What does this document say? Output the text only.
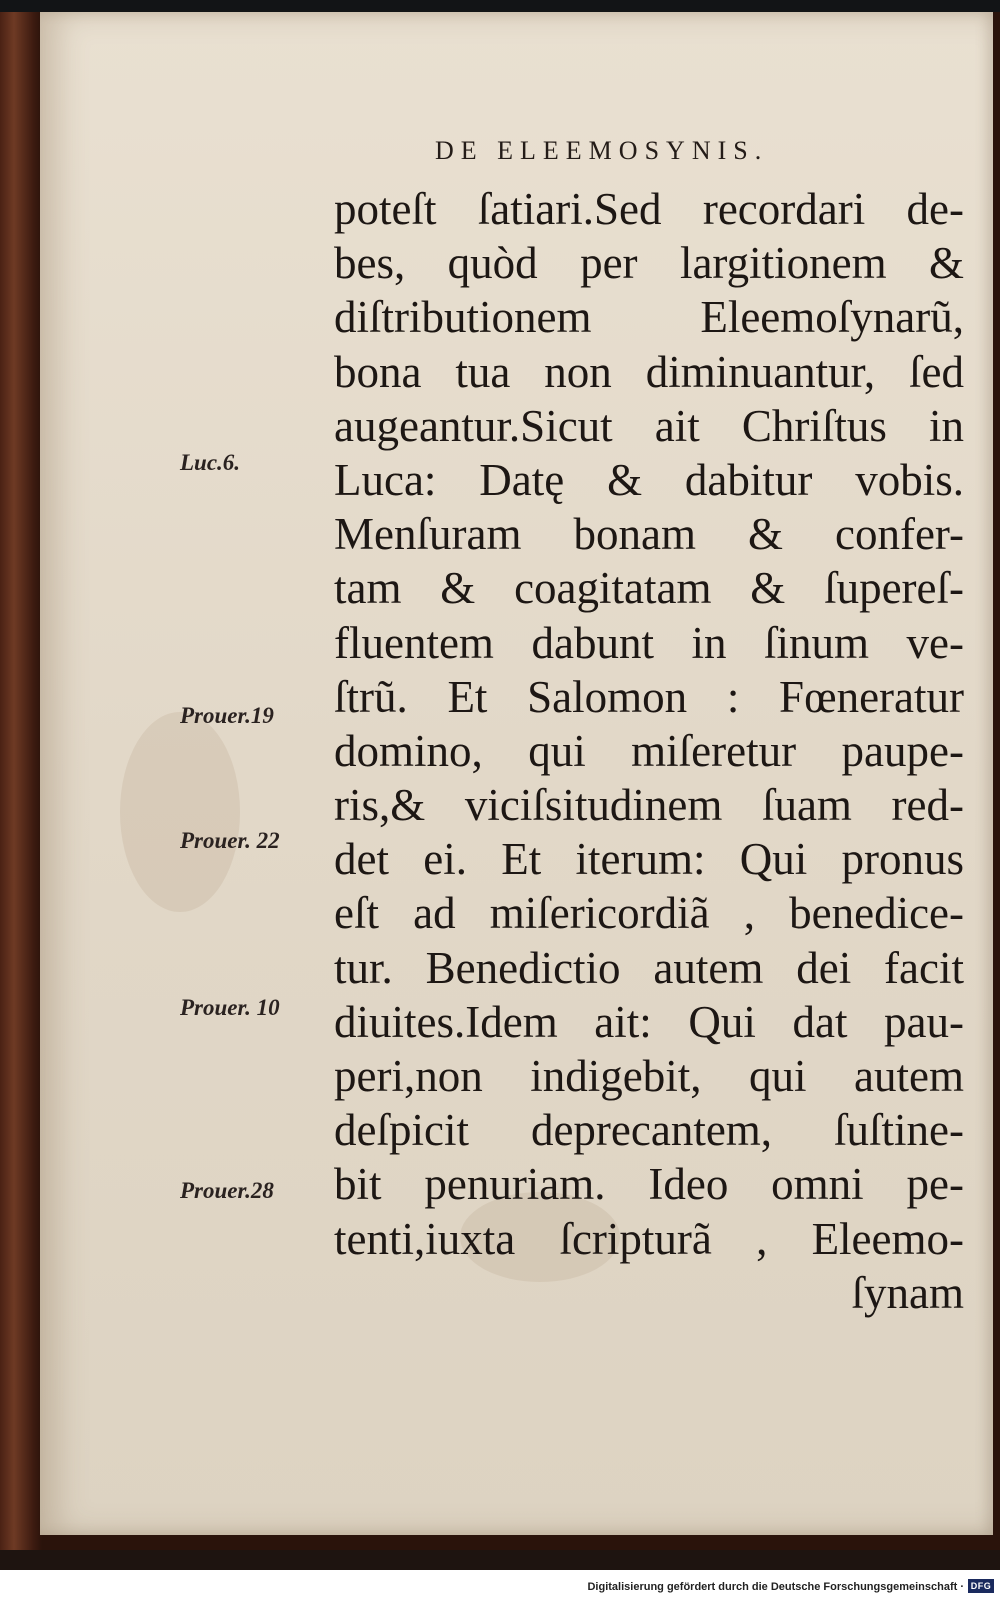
DE ELEEMOSYNIS.
poteſt ſatiari.Sed recordari de-
bes, quòd per largitionem &
diſtributionem Eleemoſynarũ,
bona tua non diminuantur, ſed
augeantur.Sicut ait Chriſtus in
Luca: Datę & dabitur vobis.
Menſuram bonam & confer-
tam & coagitatam & ſupereſ-
fluentem dabunt in ſinum ve-
ſtrũ. Et Salomon : Fœneratur
domino, qui miſeretur paupe-
ris,& viciſsitudinem ſuam red-
det ei. Et iterum: Qui pronus
eſt ad miſericordiã , benedice-
tur. Benedictio autem dei facit
diuites.Idem ait: Qui dat pau-
peri,non indigebit, qui autem
deſpicit deprecantem, ſuſtine-
bit penuriam. Ideo omni pe-
tenti,iuxta ſcripturã , Eleemo-
ſynam
Luc.6.
Prouer.19
Prouer. 22
Prouer. 10
Prouer.28
Digitalisierung gefördert durch die Deutsche Forschungsgemeinschaft · DFG
